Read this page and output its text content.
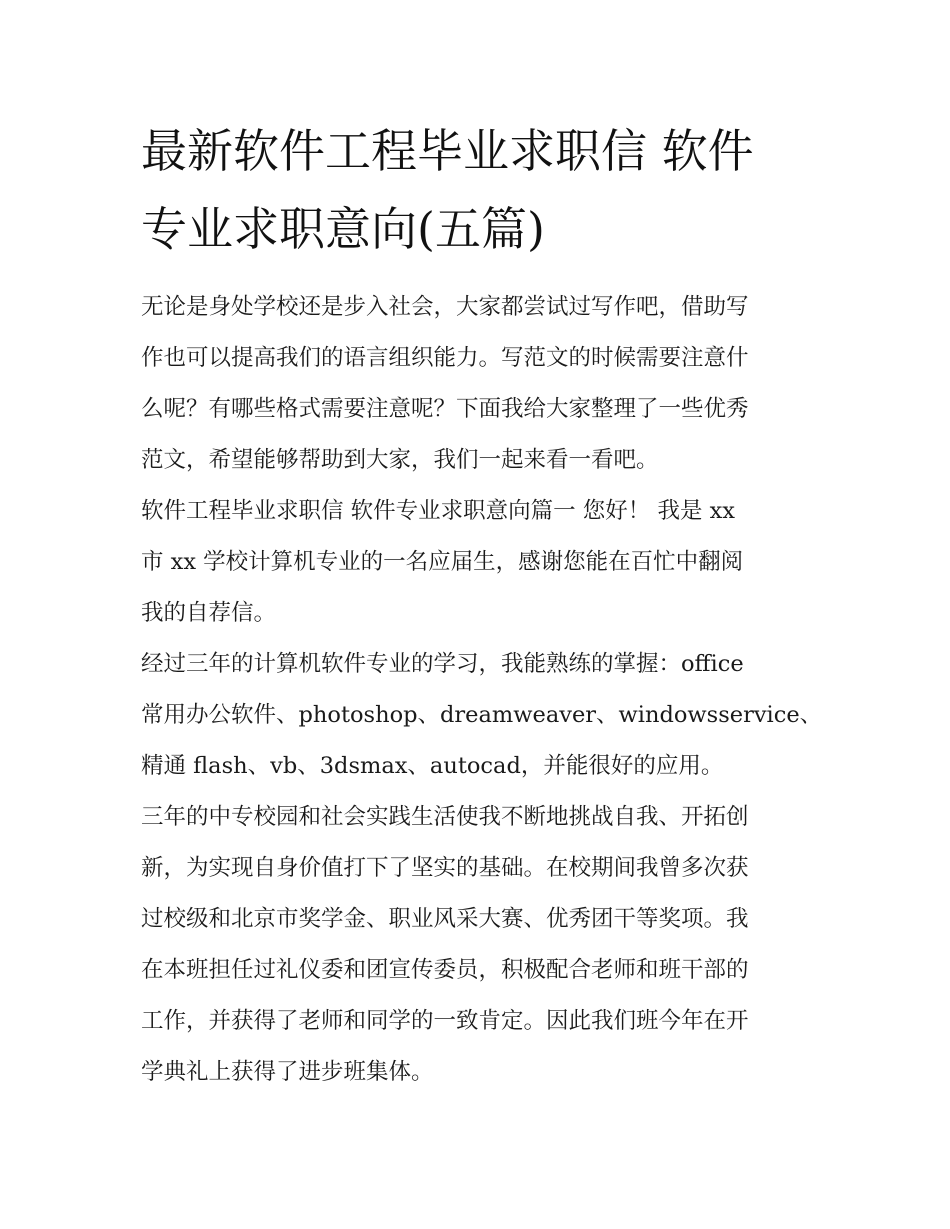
最新软件工程毕业求职信 软件
专业求职意向(五篇)

无论是身处学校还是步入社会，大家都尝试过写作吧，借助写
作也可以提高我们的语言组织能力。写范文的时候需要注意什
么呢？有哪些格式需要注意呢？下面我给大家整理了一些优秀
范文，希望能够帮助到大家，我们一起来看一看吧。

软件工程毕业求职信 软件专业求职意向篇一 您好！ 我是 xx
市 xx 学校计算机专业的一名应届生，感谢您能在百忙中翻阅
我的自荐信。

经过三年的计算机软件专业的学习，我能熟练的掌握：office
常用办公软件、photoshop、dreamweaver、windowsservice、
精通 flash、vb、3dsmax、autocad，并能很好的应用。

三年的中专校园和社会实践生活使我不断地挑战自我、开拓创
新，为实现自身价值打下了坚实的基础。在校期间我曾多次获
过校级和北京市奖学金、职业风采大赛、优秀团干等奖项。我
在本班担任过礼仪委和团宣传委员，积极配合老师和班干部的
工作，并获得了老师和同学的一致肯定。因此我们班今年在开
学典礼上获得了进步班集体。
